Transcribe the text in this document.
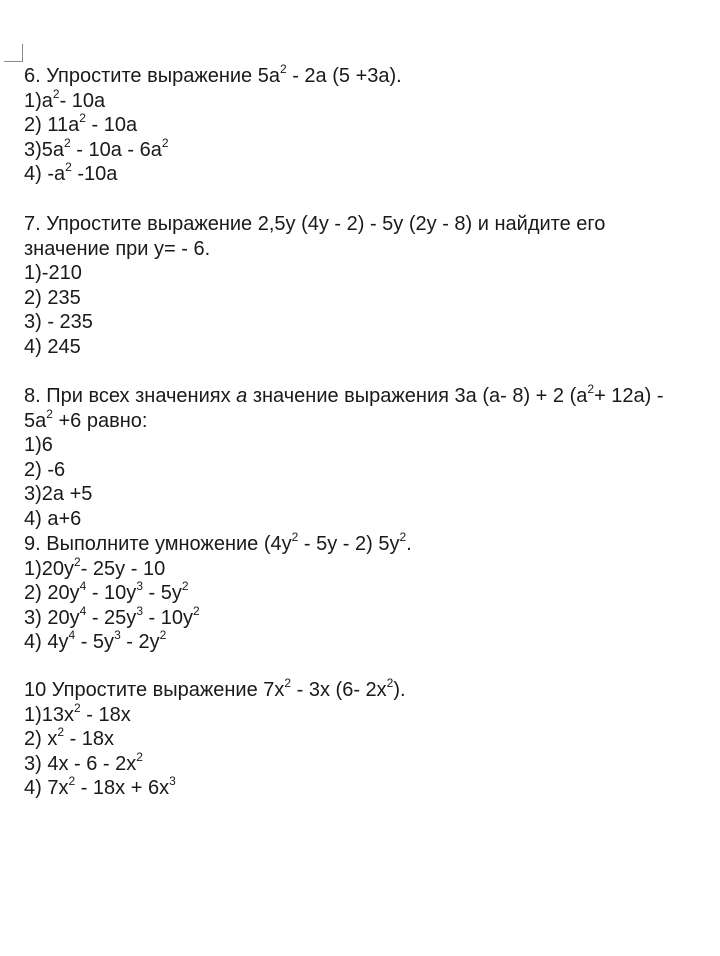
6. Упростите выражение $5a^2 - 2a$ (5 +3a).
$1)a^2-$ 10a
2) $11a^2 - 10a$
$3)5a^2 - 10a - 6a^2$
4) $-a^2$ -10a
7. Упростите выражение 2,5y (4y - 2) - 5y (2y - 8) и найдите его
значение при y= - 6.
1)-210
2) 235
3) - 235
4) 245
8. При всех значениях a значение выражения 3a (a- 8) + 2 $(a^2+ 12a)$ -
$5a^2 +6$ равно:
1)6
2) -6
3)2a +5
4) a+6
9. Выполните умножение $(4y^2 - 5y - 2)$ $5y^2$.
$1)20y^2-$ 25y - 10
2) $20y^4 - 10y^3 - 5y^2$
3) $20y^4 - 25y^3 - 10y^2$
4) $4y^4 - 5y^3 - 2y^2$
10 Упростите выражение $7x^2 - 3x$ (6- $2x^2$).
$1)13x^2 - 18x$
2) $x^2 - 18x$
3) $4x - 6 - 2x^2$
4) $7x^2 - 18x + 6x^3$
